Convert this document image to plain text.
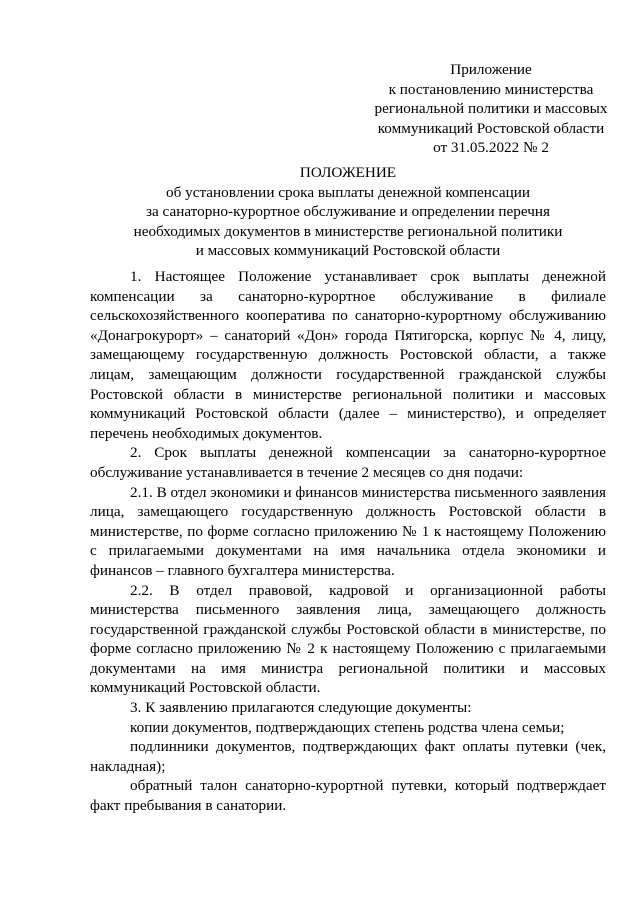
Приложение
к постановлению министерства
региональной политики и массовых
коммуникаций Ростовской области
от 31.05.2022 № 2
ПОЛОЖЕНИЕ
об установлении срока выплаты денежной компенсации
за санаторно-курортное обслуживание и определении перечня
необходимых документов в министерстве региональной политики
и массовых коммуникаций Ростовской области

1. Настоящее Положение устанавливает срок выплаты денежной компенсации за санаторно-курортное обслуживание в филиале сельскохозяйственного кооператива по санаторно-курортному обслуживанию «Донагрокурорт» – санаторий «Дон» города Пятигорска, корпус № 4, лицу, замещающему государственную должность Ростовской области, а также лицам, замещающим должности государственной гражданской службы Ростовской области в министерстве региональной политики и массовых коммуникаций Ростовской области (далее – министерство), и определяет перечень необходимых документов.

2. Срок выплаты денежной компенсации за санаторно-курортное обслуживание устанавливается в течение 2 месяцев со дня подачи:

2.1. В отдел экономики и финансов министерства письменного заявления лица, замещающего государственную должность Ростовской области в министерстве, по форме согласно приложению № 1 к настоящему Положению с прилагаемыми документами на имя начальника отдела экономики и финансов – главного бухгалтера министерства.

2.2. В отдел правовой, кадровой и организационной работы министерства письменного заявления лица, замещающего должность государственной гражданской службы Ростовской области в министерстве, по форме согласно приложению № 2 к настоящему Положению с прилагаемыми документами на имя министра региональной политики и массовых коммуникаций Ростовской области.

3. К заявлению прилагаются следующие документы:

копии документов, подтверждающих степень родства члена семьи;

подлинники документов, подтверждающих факт оплаты путевки (чек, накладная);

обратный талон санаторно-курортной путевки, который подтверждает факт пребывания в санатории.
